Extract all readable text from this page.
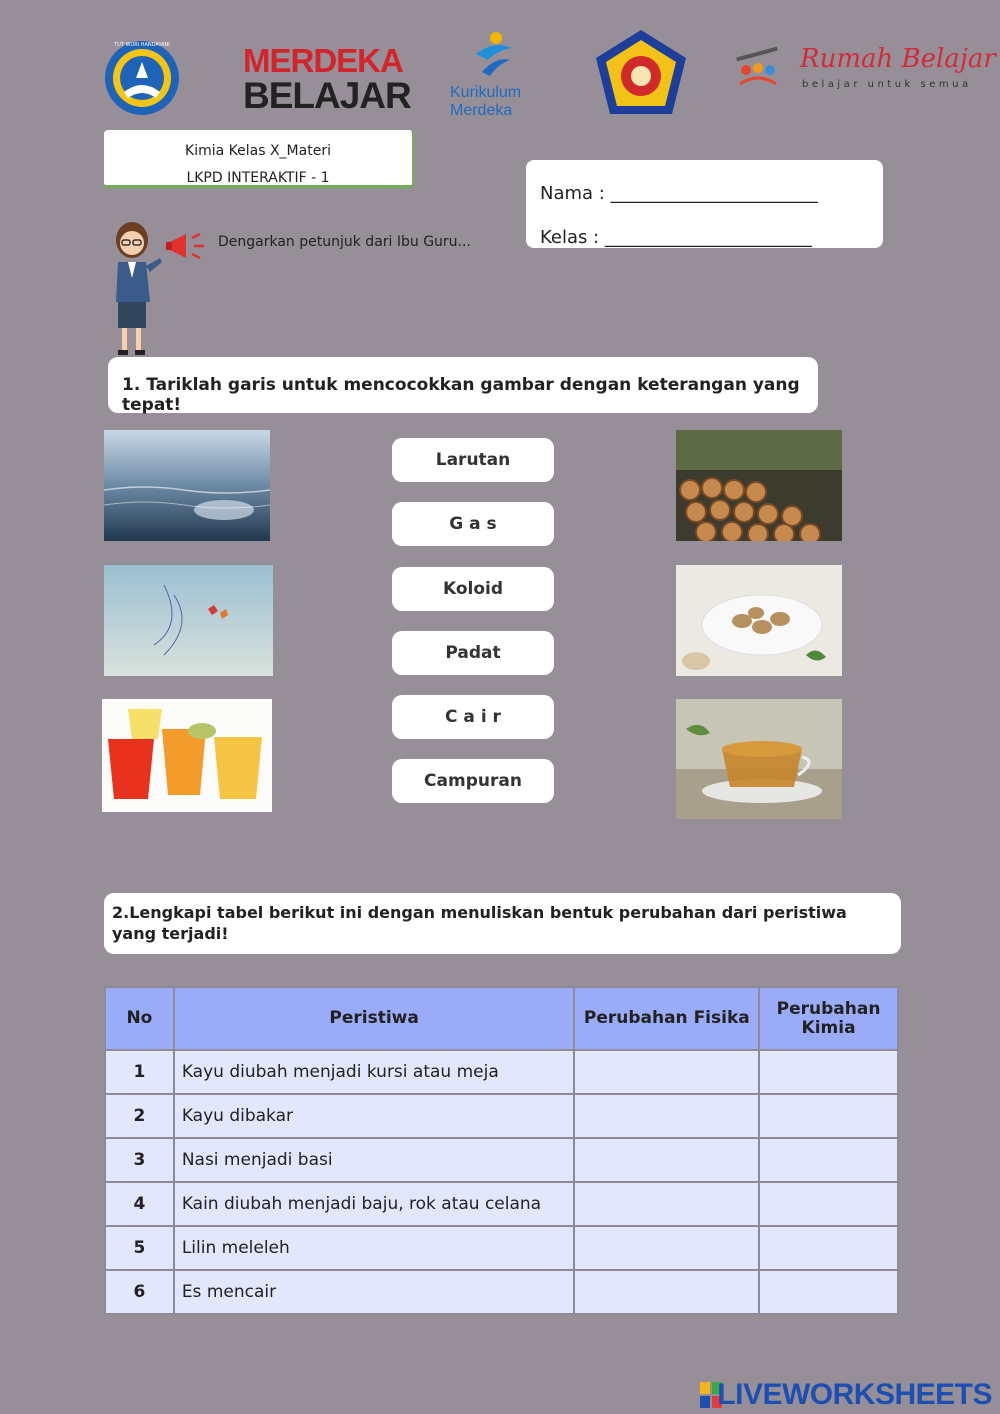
TUT WURI HANDAYANI	MERDEKA
BELAJAR Kurikulum
Merdeka
Rumah Belajar
belajar untuk semua
Kimia Kelas X_Materi
LKPD INTERAKTIF - 1
Nama : _______________________
Kelas : _______________________
Dengarkan petunjuk dari Ibu Guru...
1. Tariklah garis untuk mencocokkan gambar dengan keterangan yang tepat!
Larutan
G a s
Koloid
Padat
C a i r
Campuran
2.Lengkapi tabel berikut ini dengan menuliskan bentuk perubahan dari peristiwa yang terjadi!
No	Peristiwa	Perubahan Fisika	Perubahan
Kimia
1	Kayu diubah menjadi kursi atau meja		
2	Kayu dibakar		
3	Nasi menjadi basi		
4	Kain diubah menjadi baju, rok atau celana		
5	Lilin meleleh		
6	Es mencair		
LIVEWORKSHEETS
